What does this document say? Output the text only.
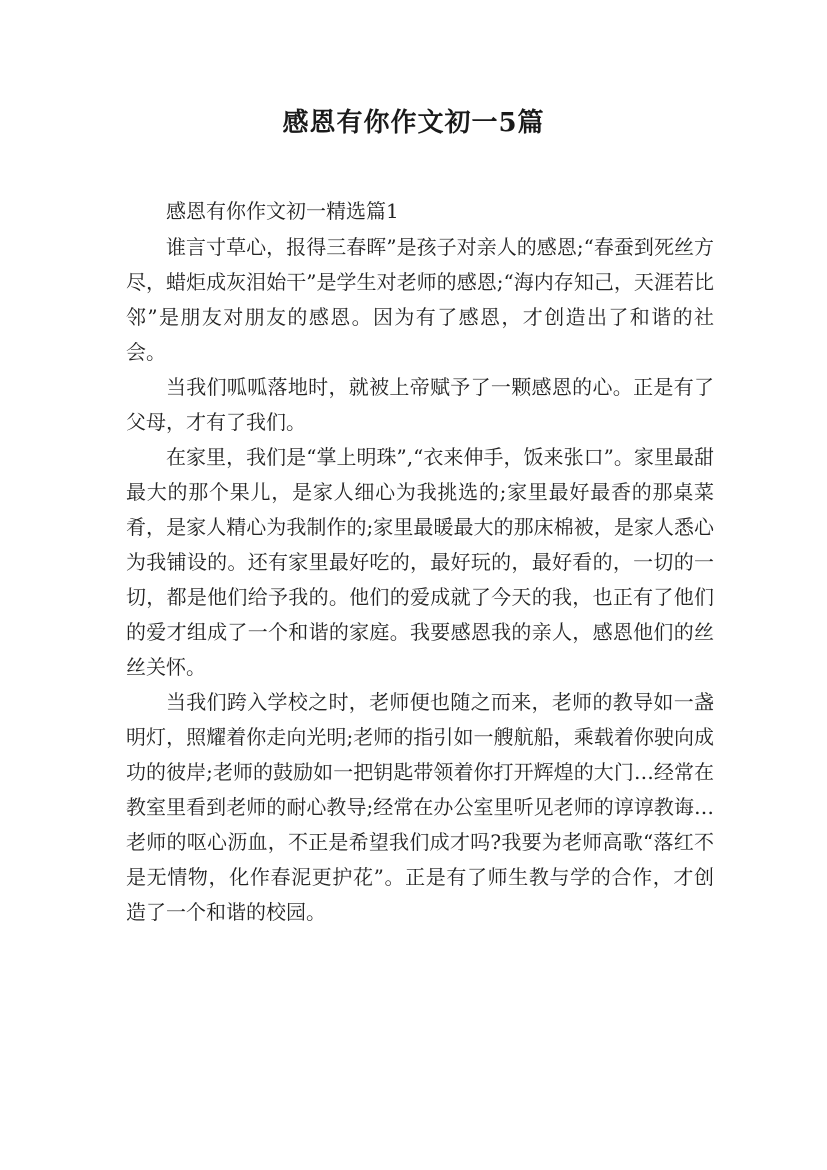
感恩有你作文初一5篇

感恩有你作文初一精选篇1

谁言寸草心，报得三春晖”是孩子对亲人的感恩;“春蚕到死丝方尽，蜡炬成灰泪始干”是学生对老师的感恩;“海内存知己，天涯若比邻”是朋友对朋友的感恩。因为有了感恩，才创造出了和谐的社会。

当我们呱呱落地时，就被上帝赋予了一颗感恩的心。正是有了父母，才有了我们。

在家里，我们是“掌上明珠”,“衣来伸手，饭来张口”。家里最甜最大的那个果儿，是家人细心为我挑选的;家里最好最香的那桌菜肴，是家人精心为我制作的;家里最暖最大的那床棉被，是家人悉心为我铺设的。还有家里最好吃的，最好玩的，最好看的，一切的一切，都是他们给予我的。他们的爱成就了今天的我，也正有了他们的爱才组成了一个和谐的家庭。我要感恩我的亲人，感恩他们的丝丝关怀。

当我们跨入学校之时，老师便也随之而来，老师的教导如一盏明灯，照耀着你走向光明;老师的指引如一艘航船，乘载着你驶向成功的彼岸;老师的鼓励如一把钥匙带领着你打开辉煌的大门…经常在教室里看到老师的耐心教导;经常在办公室里听见老师的谆谆教诲…老师的呕心沥血，不正是希望我们成才吗?我要为老师高歌“落红不是无情物，化作春泥更护花”。正是有了师生教与学的合作，才创造了一个和谐的校园。
